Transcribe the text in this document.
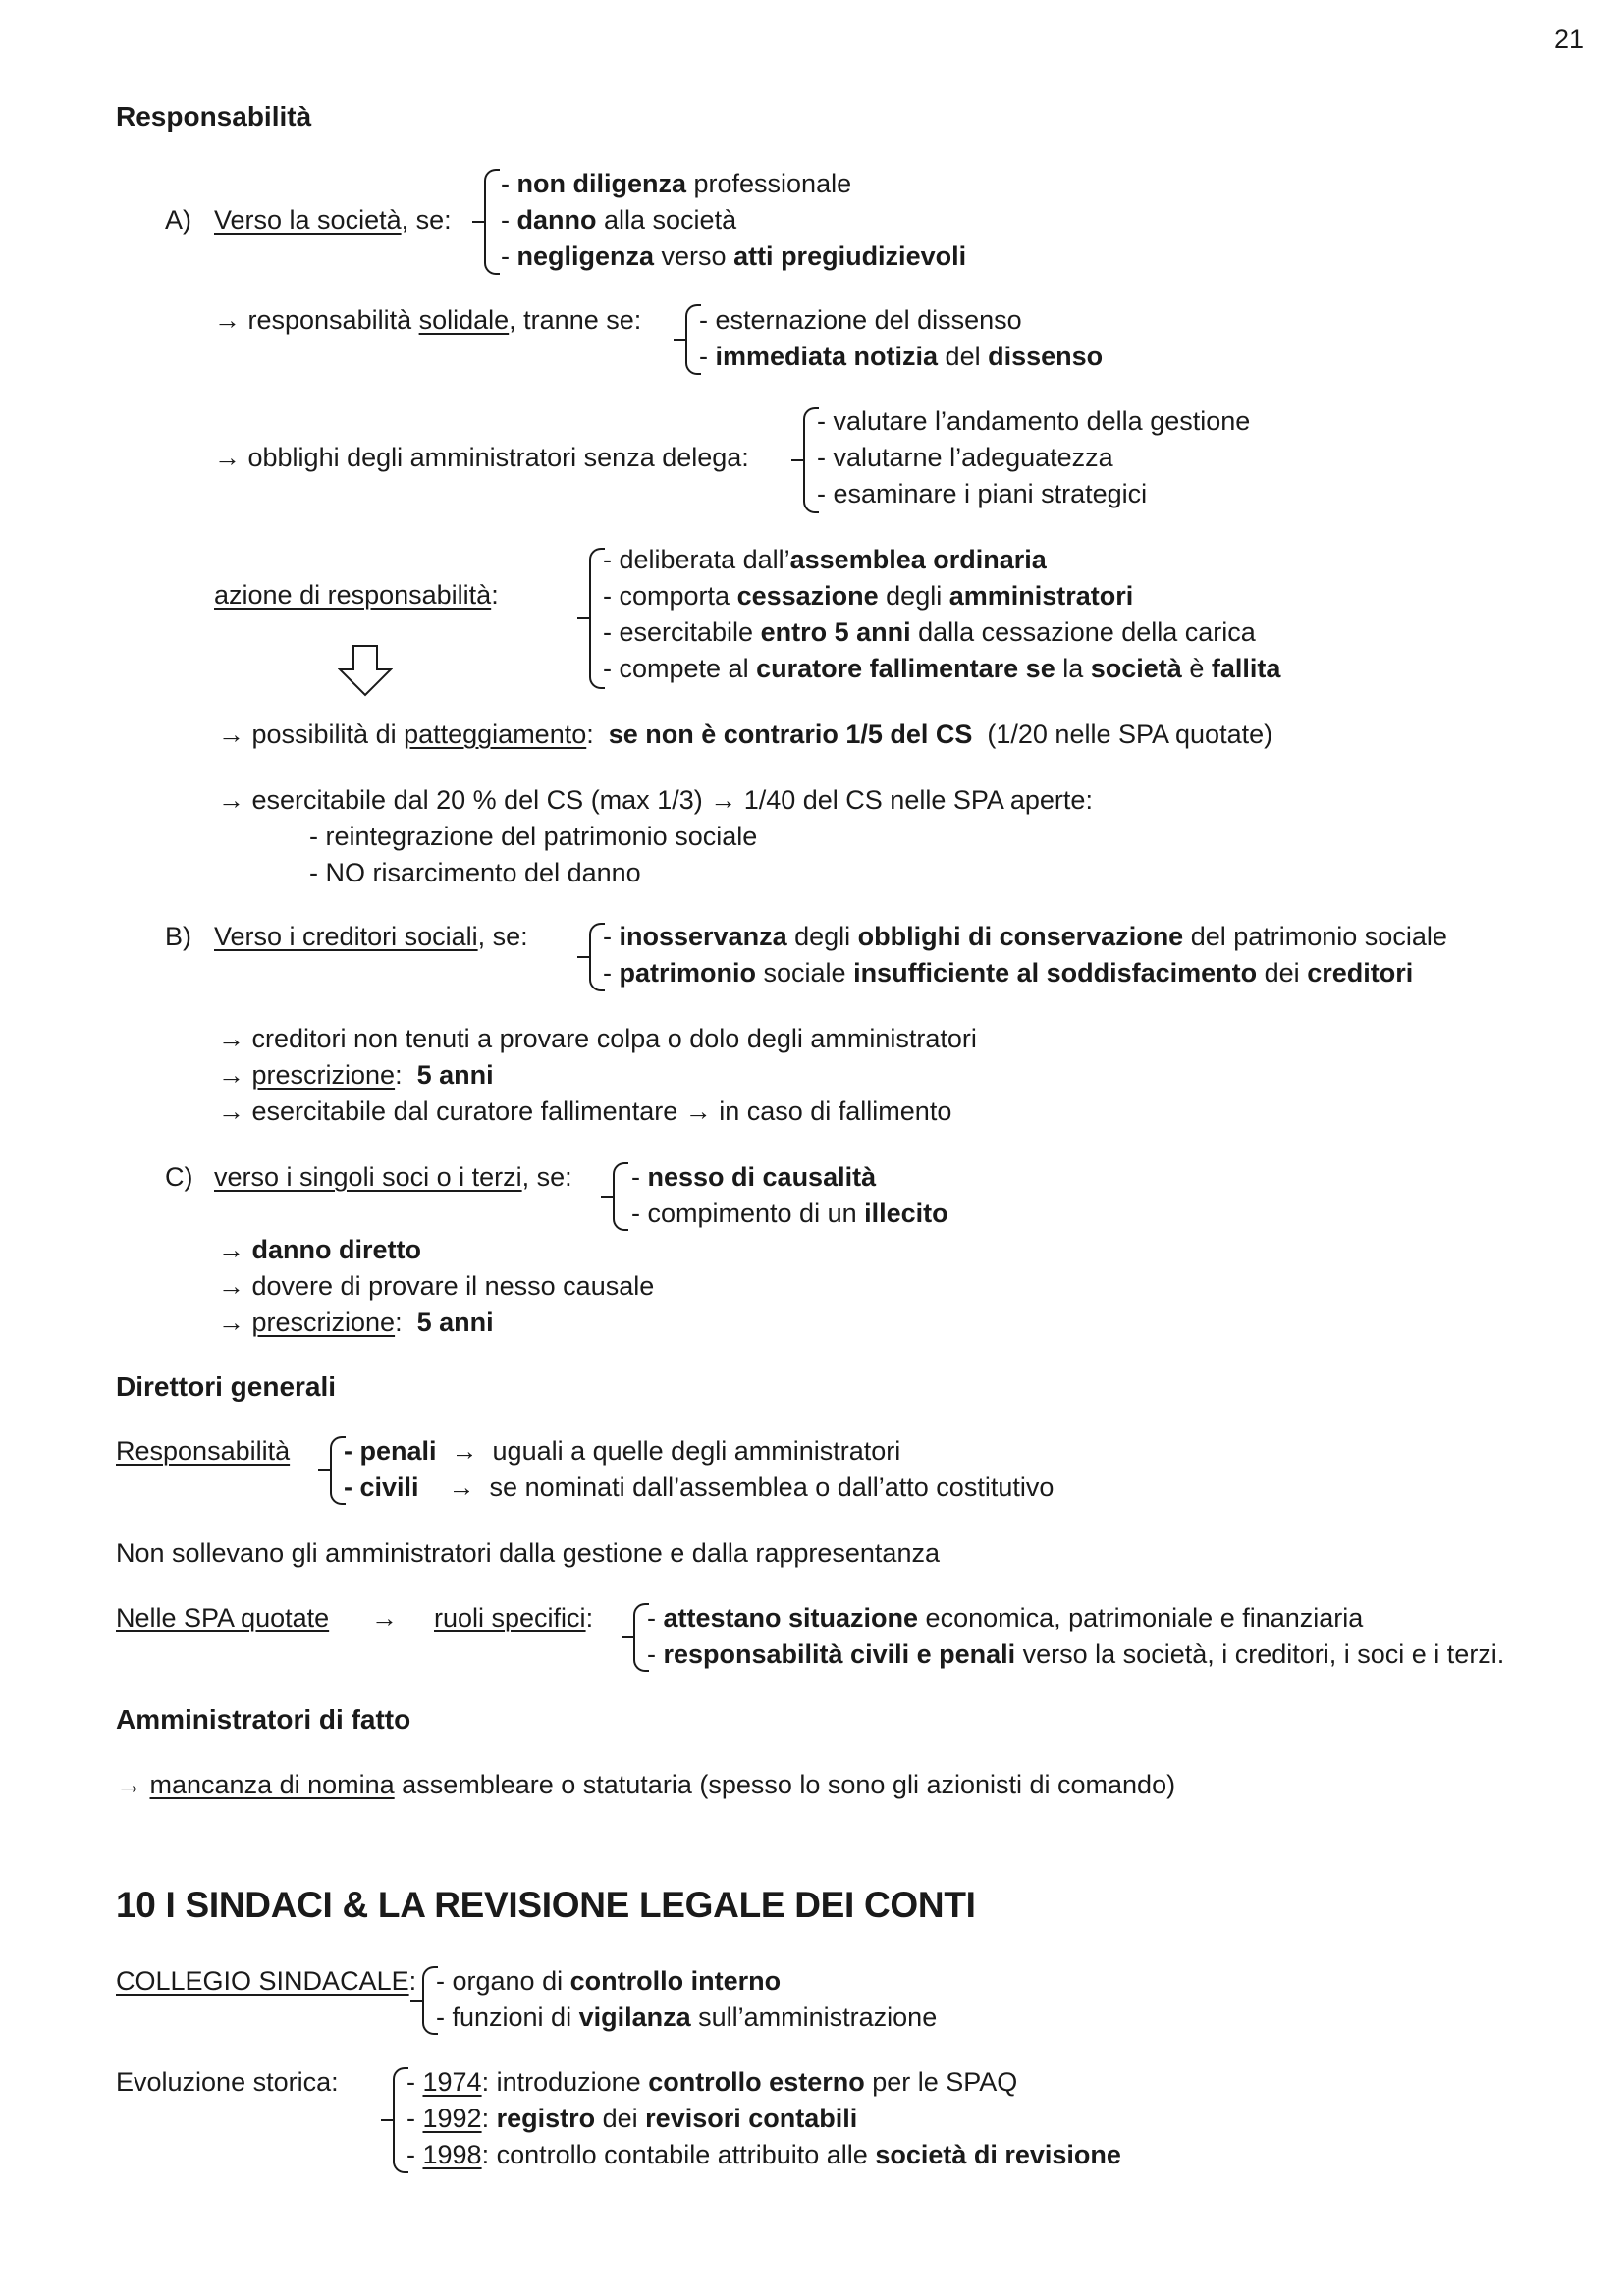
21
Responsabilità
A) Verso la società, se:
- non diligenza professionale
- danno alla società
- negligenza verso atti pregiudizievoli
→ responsabilità solidale, tranne se: - esternazione del dissenso
- immediata notizia del dissenso
→ obblighi degli amministratori senza delega:
- valutare l’andamento della gestione
- valutarne l’adeguatezza
- esaminare i piani strategici
azione di responsabilità:
- deliberata dall’assemblea ordinaria
- comporta cessazione degli amministratori
- esercitabile entro 5 anni dalla cessazione della carica
- compete al curatore fallimentare se la società è fallita
→ possibilità di patteggiamento: se non è contrario 1/5 del CS (1/20 nelle SPA quotate)
→ esercitabile dal 20 % del CS (max 1/3) → 1/40 del CS nelle SPA aperte:
- reintegrazione del patrimonio sociale
- NO risarcimento del danno
B) Verso i creditori sociali, se:	- inosservanza degli obblighi di conservazione del patrimonio sociale
- patrimonio sociale insufficiente al soddisfacimento dei creditori
→ creditori non tenuti a provare colpa o dolo degli amministratori
→ prescrizione:  5 anni
→ esercitabile dal curatore fallimentare → in caso di fallimento
C) verso i singoli soci o i terzi, se: - nesso di causalità
- compimento di un illecito
→ danno diretto
→ dovere di provare il nesso causale
→ prescrizione:  5 anni
Direttori generali
Responsabilità - penali  →  uguali a quelle degli amministratori
- civili    →  se nominati dall’assemblea o dall’atto costitutivo
Non sollevano gli amministratori dalla gestione e dalla rappresentanza
Nelle SPA quotate → ruoli specifici: - attestano situazione economica, patrimoniale e finanziaria
- responsabilità civili e penali verso la società, i creditori, i soci e i terzi.
Amministratori di fatto
→ mancanza di nomina assembleare o statutaria (spesso lo sono gli azionisti di comando)
10 I SINDACI & LA REVISIONE LEGALE DEI CONTI
COLLEGIO SINDACALE: - organo di controllo interno
- funzioni di vigilanza sull’amministrazione
Evoluzione storica:	- 1974: introduzione controllo esterno per le SPAQ
- 1992: registro dei revisori contabili
- 1998: controllo contabile attribuito alle società di revisione
